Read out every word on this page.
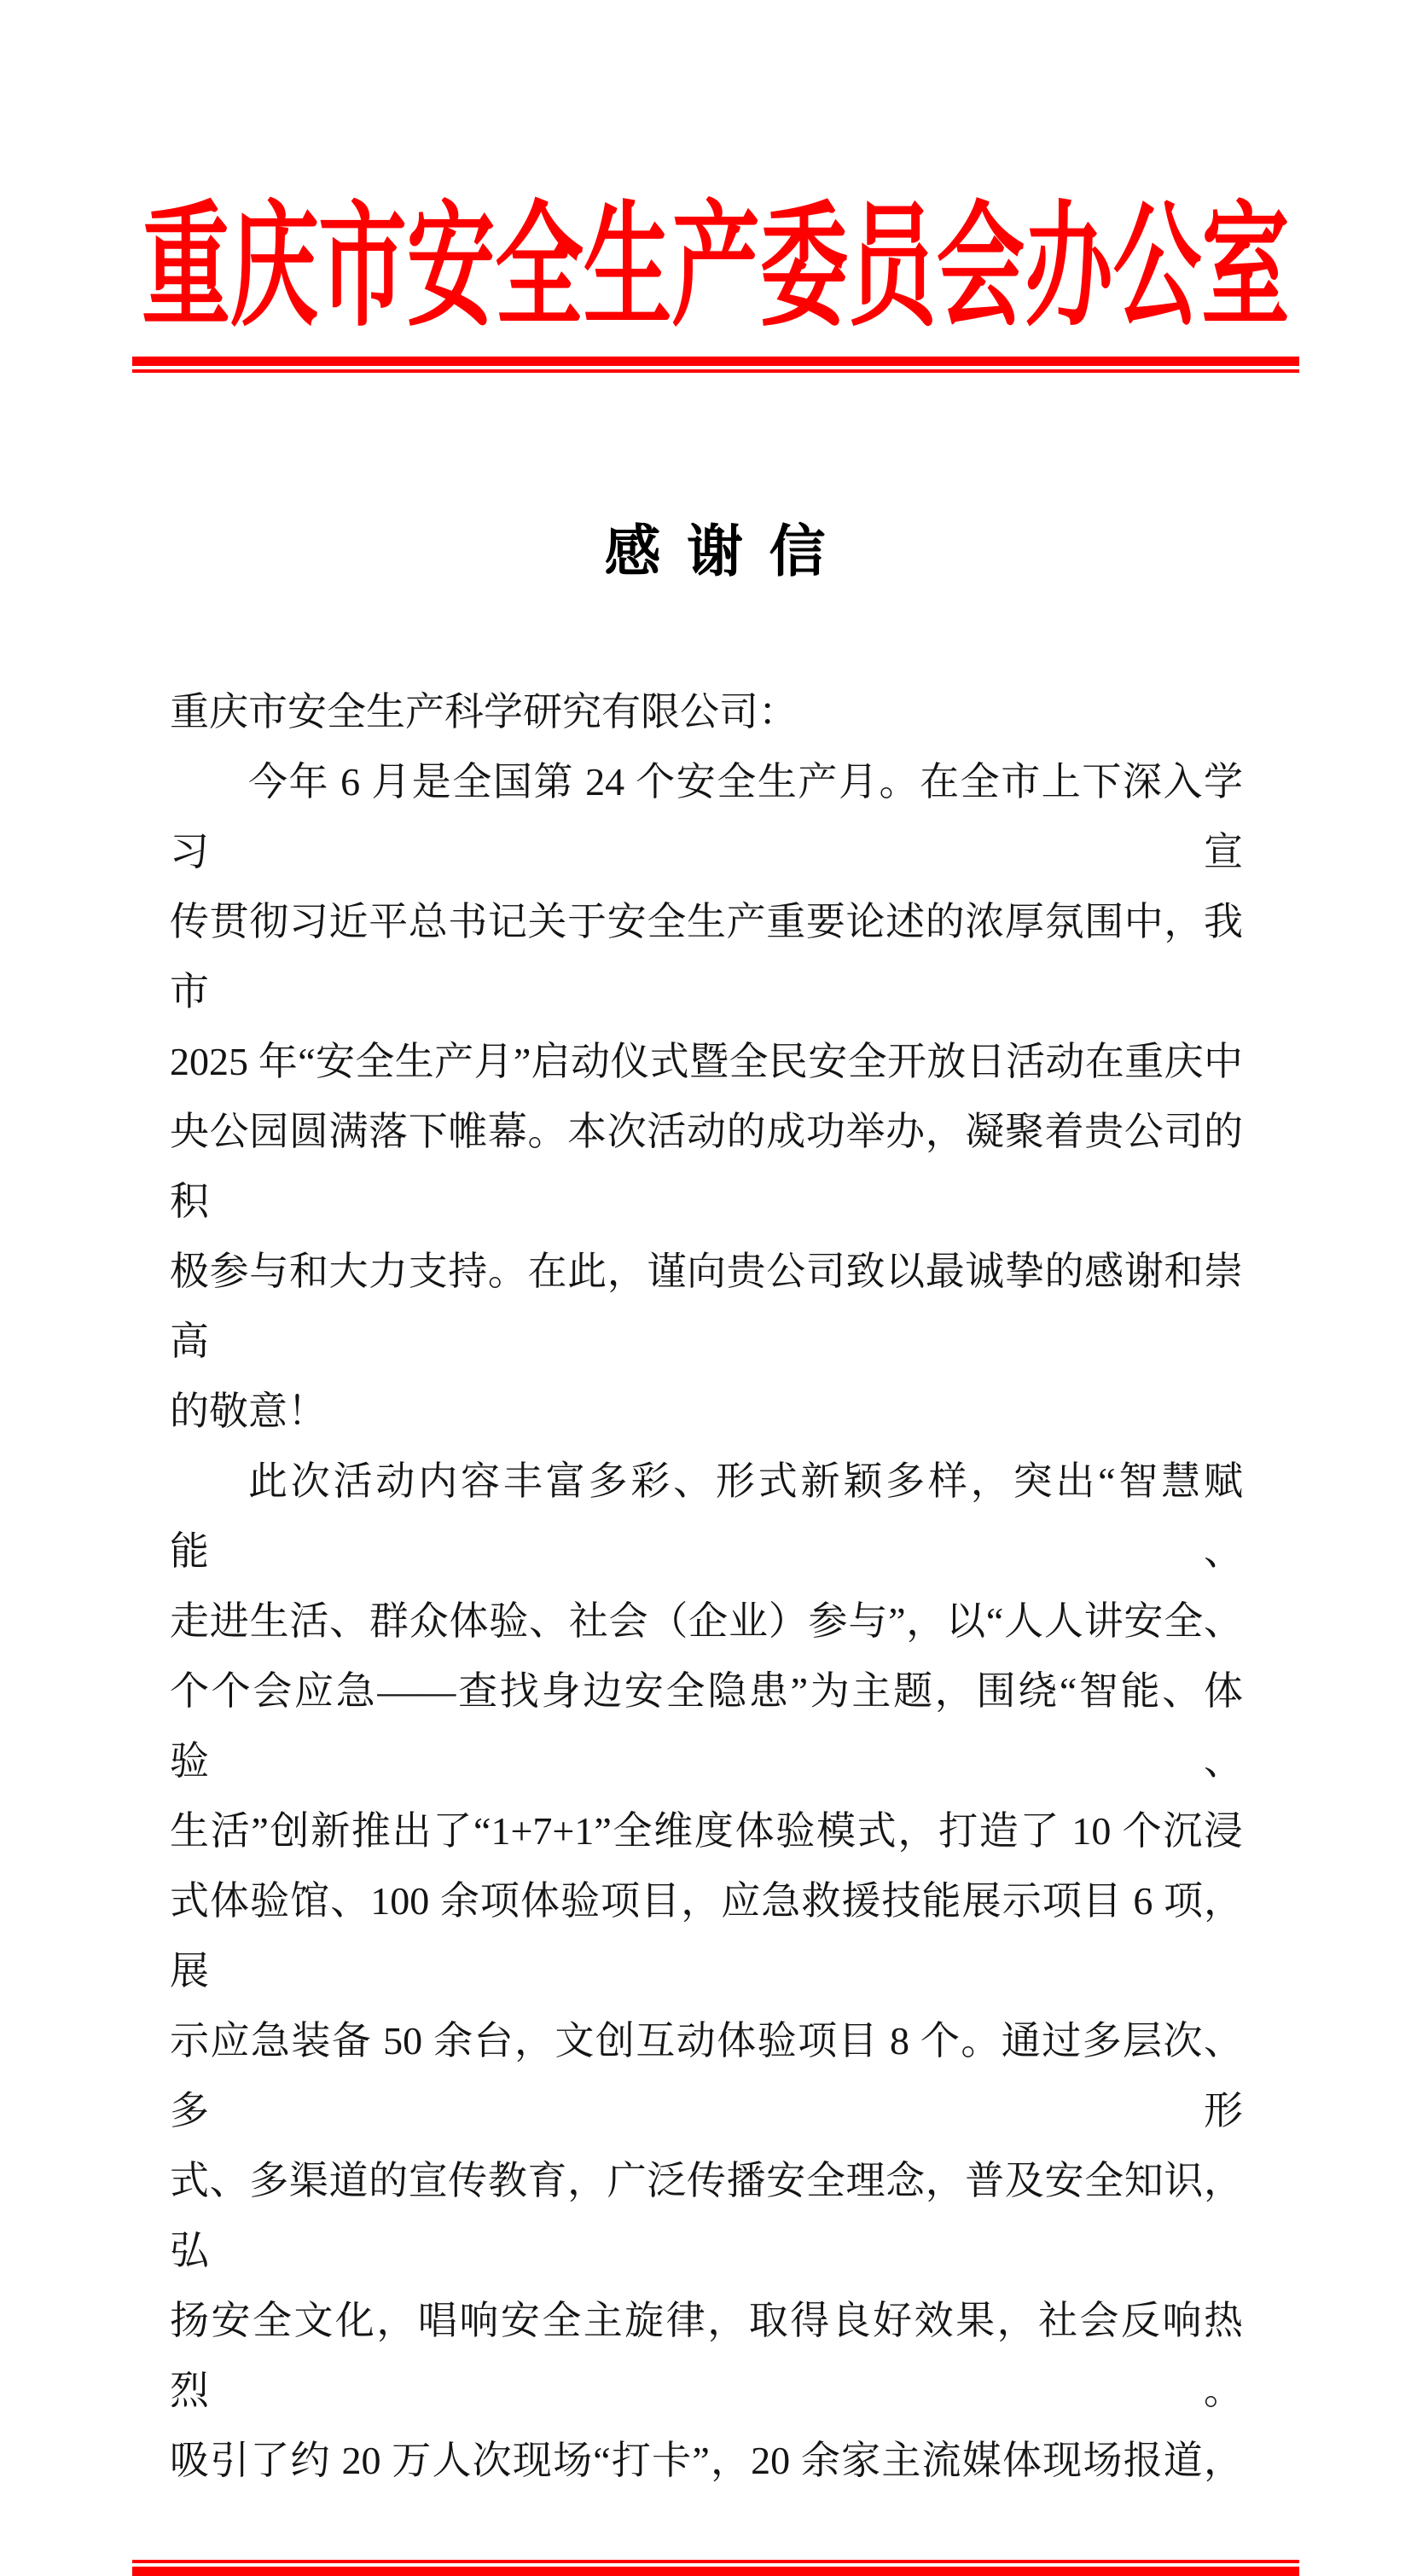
重庆市安全生产委员会办公室
感 谢 信
重庆市安全生产科学研究有限公司：
今年 6 月是全国第 24 个安全生产月。在全市上下深入学习宣
传贯彻习近平总书记关于安全生产重要论述的浓厚氛围中，我市
2025 年“安全生产月”启动仪式暨全民安全开放日活动在重庆中
央公园圆满落下帷幕。本次活动的成功举办，凝聚着贵公司的积
极参与和大力支持。在此，谨向贵公司致以最诚挚的感谢和崇高
的敬意！
此次活动内容丰富多彩、形式新颖多样，突出“智慧赋能、
走进生活、群众体验、社会（企业）参与”，以“人人讲安全、
个个会应急——查找身边安全隐患”为主题，围绕“智能、体验、
生活”创新推出了“1+7+1”全维度体验模式，打造了 10 个沉浸
式体验馆、100 余项体验项目，应急救援技能展示项目 6 项，展
示应急装备 50 余台，文创互动体验项目 8 个。通过多层次、多形
式、多渠道的宣传教育，广泛传播安全理念，普及安全知识，弘
扬安全文化，唱响安全主旋律，取得良好效果，社会反响热烈。
吸引了约 20 万人次现场“打卡”，20 余家主流媒体现场报道，
